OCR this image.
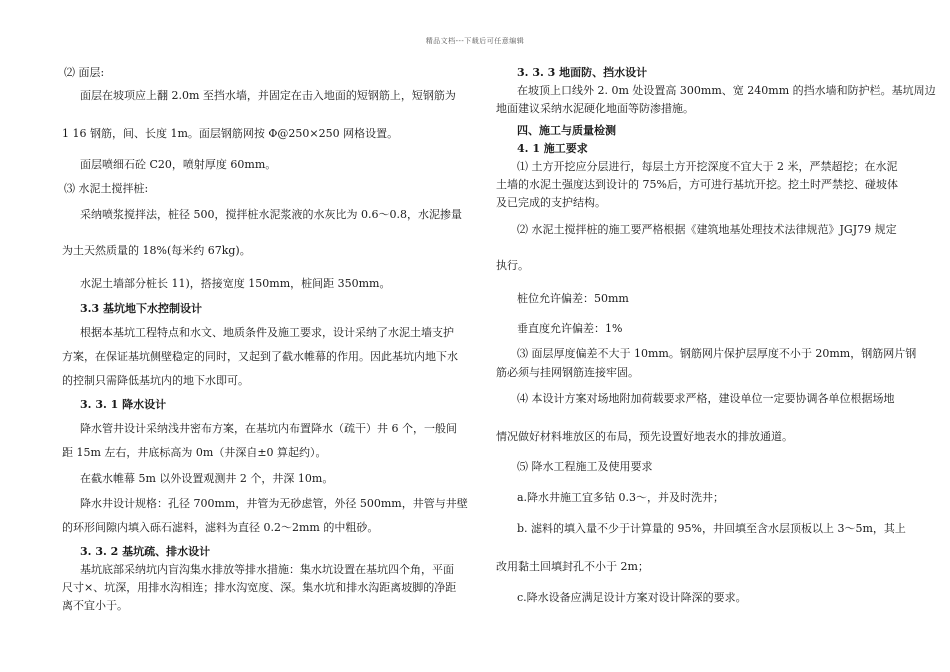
精品文档---下载后可任意编辑
⑵ 面层:
面层在坡项应上翻 2.0m 至挡水墙，并固定在击入地面的短钢筋上，短钢筋为
1 16 钢筋，间、长度 1m。面层钢筋网按 Φ@250×250 网格设置。
面层喷细石砼 C20，喷射厚度 60mm。
⑶ 水泥土搅拌桩:
采纳喷浆搅拌法，桩径 500，搅拌桩水泥浆液的水灰比为 0.6～0.8，水泥掺量
为土天然质量的 18%(每米约 67kg)。
水泥土墙部分桩长 11)，搭接宽度 150mm，桩间距 350mm。
3.3 基坑地下水控制设计
根据本基坑工程特点和水文、地质条件及施工要求，设计采纳了水泥土墙支护
方案，在保证基坑侧壁稳定的同时，又起到了截水帷幕的作用。因此基坑内地下水
的控制只需降低基坑内的地下水即可。
3. 3. 1 降水设计
降水管井设计采纳浅井密布方案，在基坑内布置降水（疏干）井 6 个，一般间
距 15m 左右，井底标高为 0m（井深自±0 算起约）。
在截水帷幕 5m 以外设置观测井 2 个，井深 10m。
降水井设计规格：孔径 700mm，井管为无砂虑管，外径 500mm，井管与井壁
的环形间隙内填入砾石滤料，滤料为直径 0.2～2mm 的中粗砂。
3. 3. 2 基坑疏、排水设计
基坑底部采纳坑内盲沟集水排放等排水措施：集水坑设置在基坑四个角，平面
尺寸×、坑深，用排水沟相连；排水沟宽度、深。集水坑和排水沟距离坡脚的净距
离不宜小于。
3. 3. 3 地面防、挡水设计
在坡顶上口线外 2. 0m 处设置高 300mm、宽 240mm 的挡水墙和防护栏。基坑周边
地面建议采纳水泥硬化地面等防渗措施。
四、施工与质量检测
4. 1 施工要求
⑴ 土方开挖应分层进行，每层土方开挖深度不宜大于 2 米，严禁超挖；在水泥
土墙的水泥土强度达到设计的 75%后，方可进行基坑开挖。挖土时严禁挖、碰坡体
及已完成的支护结构。
⑵ 水泥土搅拌桩的施工要严格根据《建筑地基处理技术法律规范》JGJ79 规定
执行。
桩位允许偏差：50mm
垂直度允许偏差：1%
⑶ 面层厚度偏差不大于 10mm。钢筋网片保护层厚度不小于 20mm，钢筋网片钢
筋必须与挂网钢筋连接牢固。
⑷ 本设计方案对场地附加荷载要求严格，建设单位一定要协调各单位根据场地
情况做好材料堆放区的布局，预先设置好地表水的排放通道。
⑸ 降水工程施工及使用要求
a.降水井施工宜多钻 0.3～，并及时洗井；
b. 滤料的填入量不少于计算量的 95%，井回填至含水层顶板以上 3～5m，其上
改用黏土回填封孔不小于 2m；
c.降水设备应满足设计方案对设计降深的要求。
